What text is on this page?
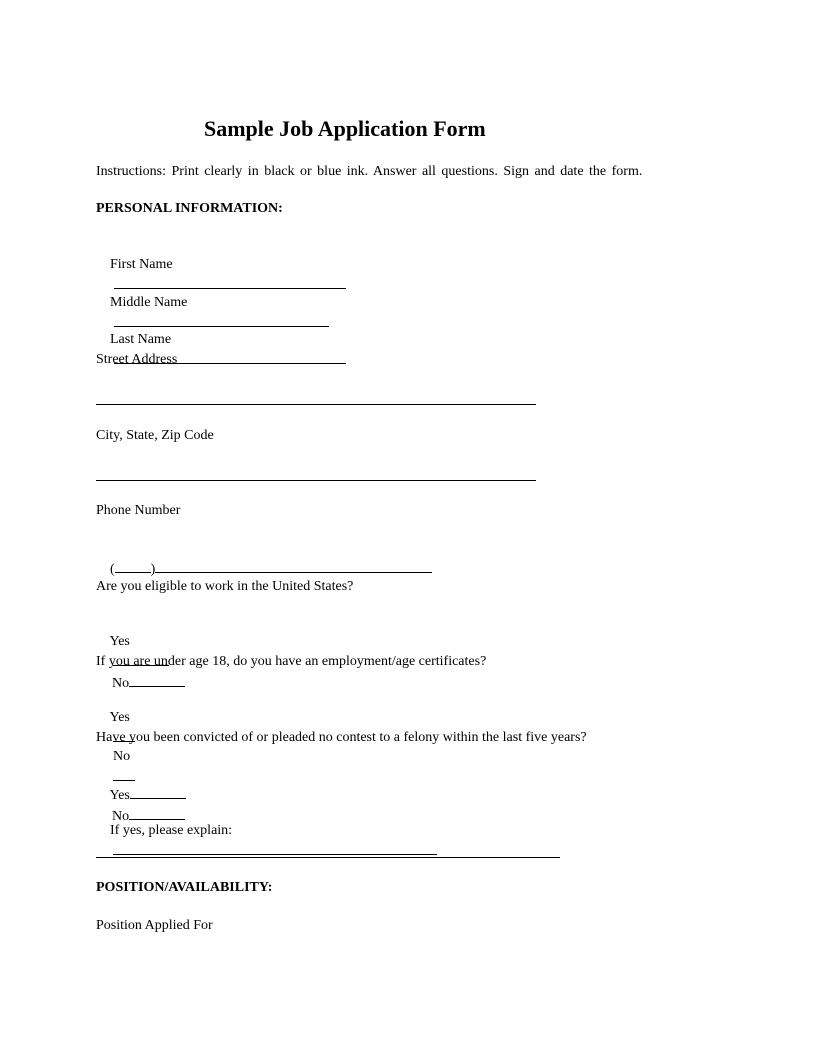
Sample Job Application Form
Instructions: Print clearly in black or blue ink. Answer all questions. Sign and date the form.
PERSONAL INFORMATION:

First Name

Middle Name

Last Name

Street Address
City, State, Zip Code
Phone Number

(	)

Are you eligible to work in the United States?

Yes

No

If you are under age 18, do you have an employment/age certificates?

Yes

No

Have you been convicted of or pleaded no contest to a felony within the last five years?

Yes
No

If yes, please explain:

POSITION/AVAILABILITY:
Position Applied For
